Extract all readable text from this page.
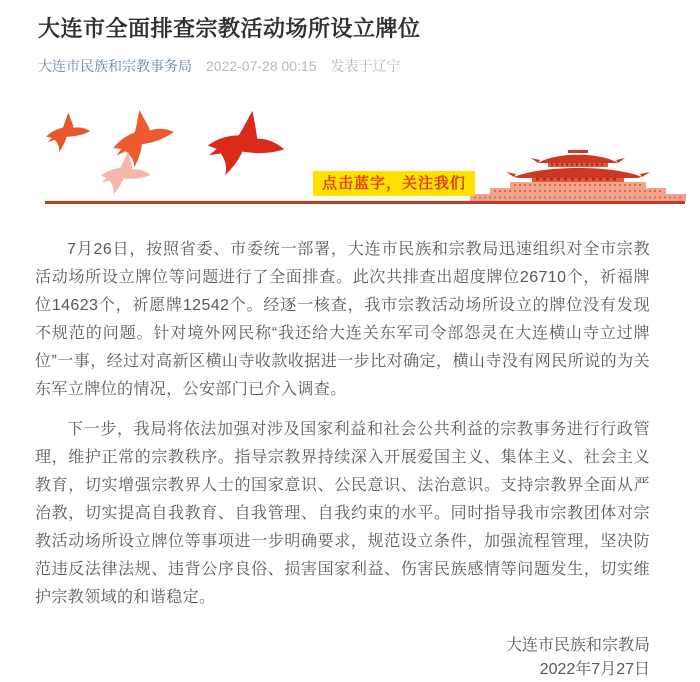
大连市全面排查宗教活动场所设立牌位
大连市民族和宗教事务局 2022-07-28 00:15 发表于辽宁
点击蓝字，关注我们

7月26日，按照省委、市委统一部署，大连市民族和宗教局迅速组织对全市宗教活动场所设立牌位等问题进行了全面排查。此次共排查出超度牌位26710个，祈福牌位14623个，祈愿牌12542个。经逐一核查，我市宗教活动场所设立的牌位没有发现不规范的问题。针对境外网民称“我还给大连关东军司令部怨灵在大连横山寺立过牌位”一事，经过对高新区横山寺收款收据进一步比对确定，横山寺没有网民所说的为关东军立牌位的情况，公安部门已介入调查。

下一步，我局将依法加强对涉及国家利益和社会公共利益的宗教事务进行行政管理，维护正常的宗教秩序。指导宗教界持续深入开展爱国主义、集体主义、社会主义教育，切实增强宗教界人士的国家意识、公民意识、法治意识。支持宗教界全面从严治教，切实提高自我教育、自我管理、自我约束的水平。同时指导我市宗教团体对宗教活动场所设立牌位等事项进一步明确要求，规范设立条件，加强流程管理，坚决防范违反法律法规、违背公序良俗、损害国家利益、伤害民族感情等问题发生，切实维护宗教领域的和谐稳定。

大连市民族和宗教局
2022年7月27日
